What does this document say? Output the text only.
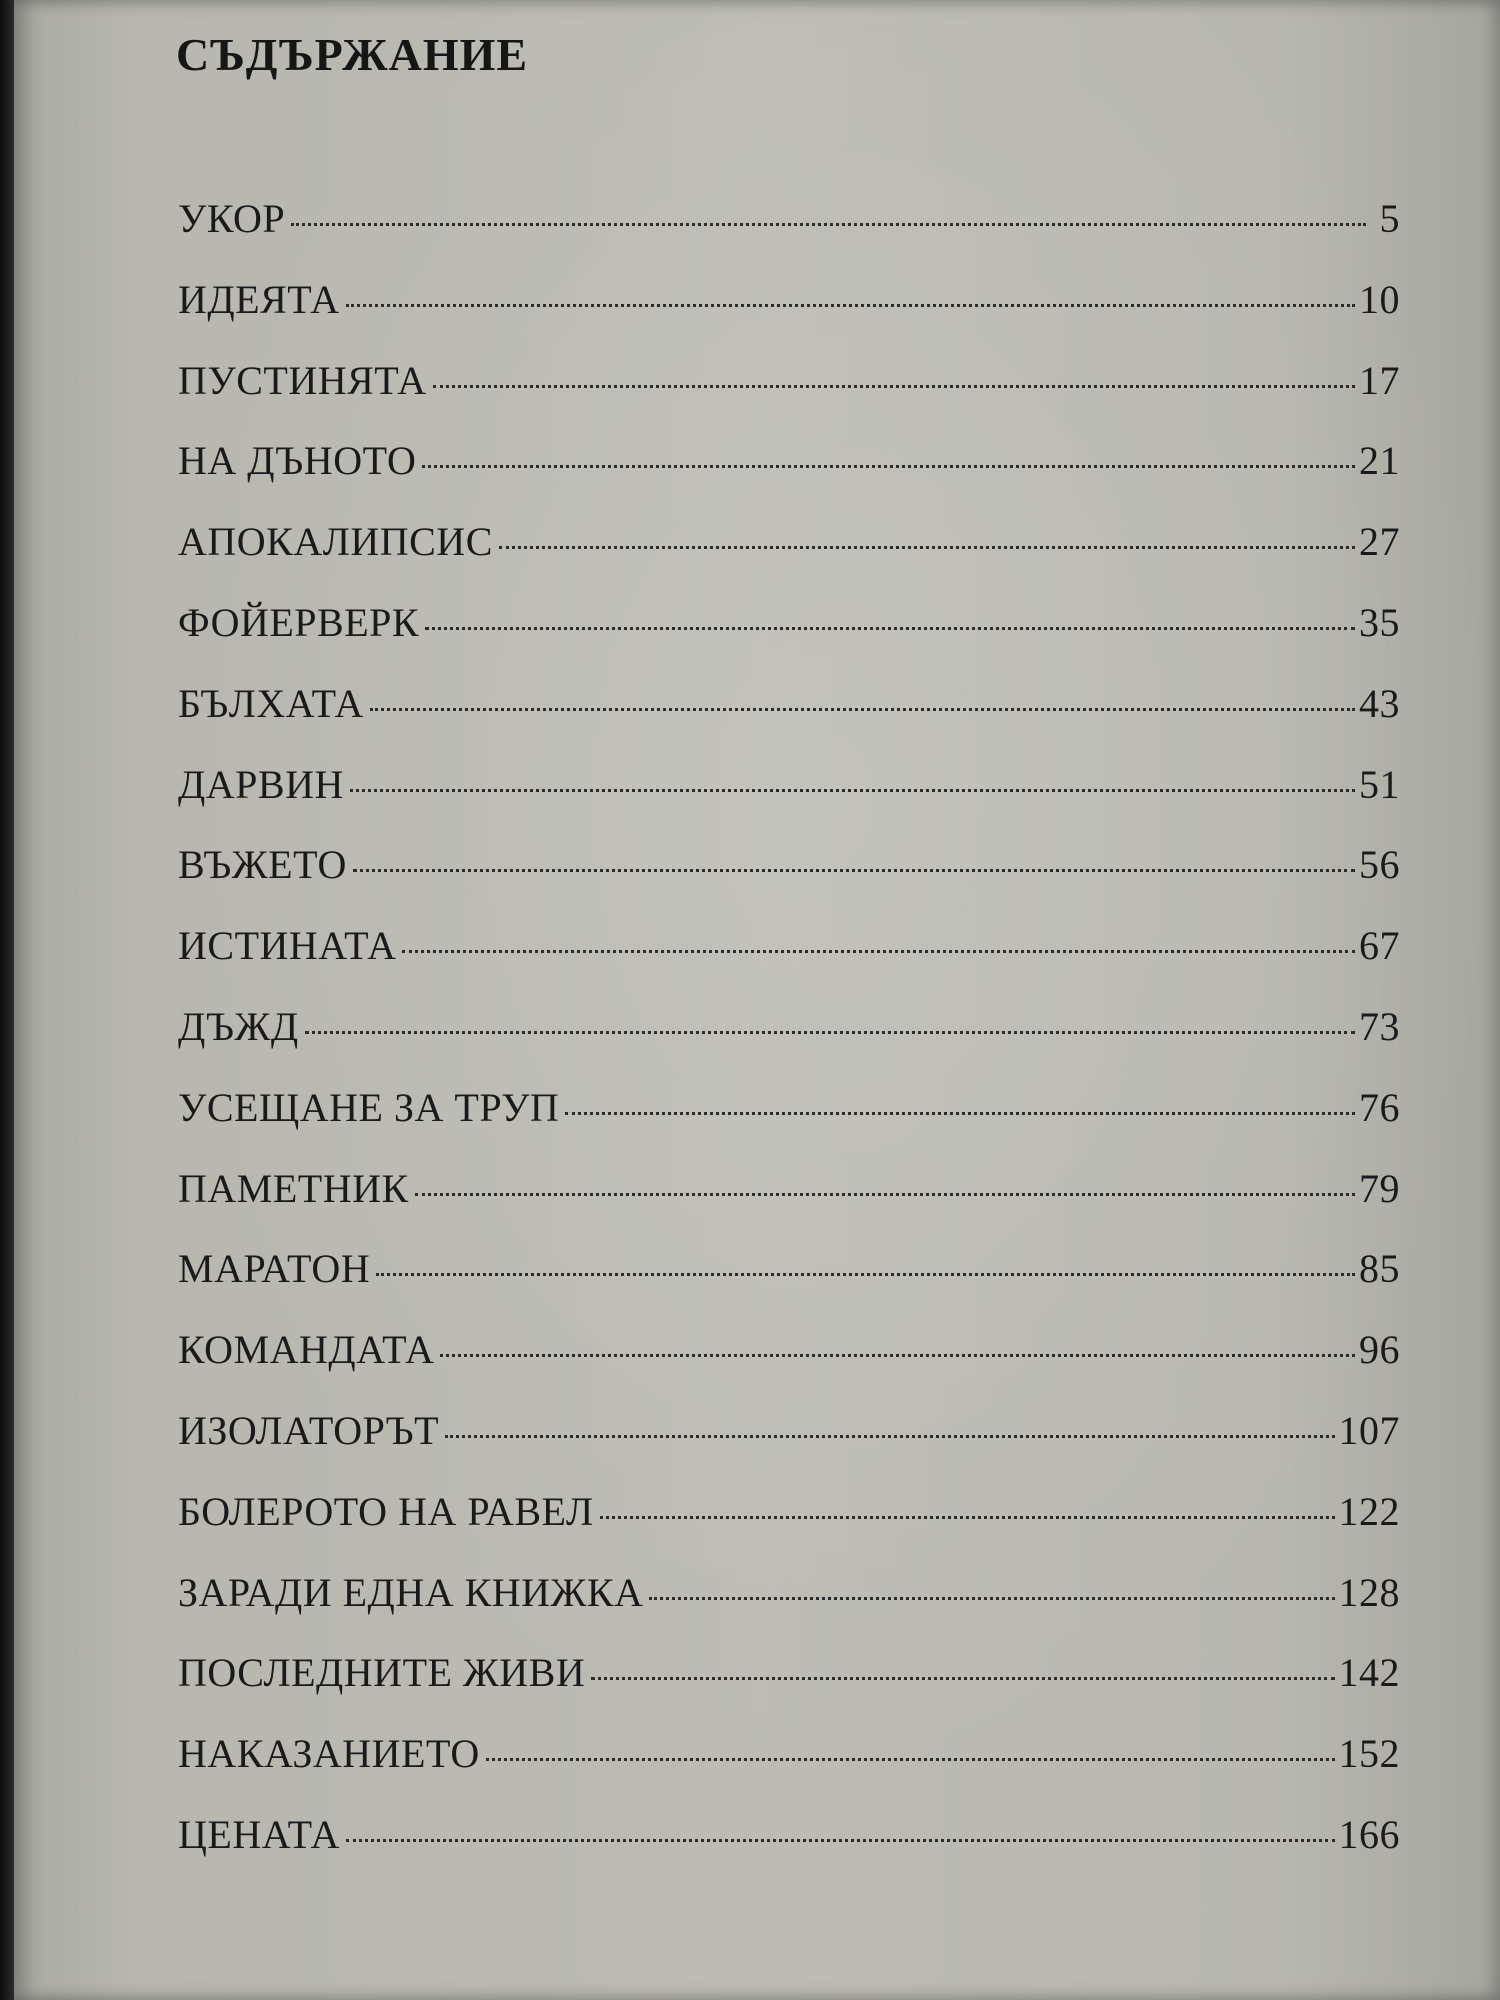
СЪДЪРЖАНИЕ
УКОР	5
ИДЕЯТА	10
ПУСТИНЯТА	17
НА ДЪНОТО	21
АПОКАЛИПСИС	27
ФОЙЕРВЕРК	35
БЪЛХАТА	43
ДАРВИН	51
ВЪЖЕТО	56
ИСТИНАТА	67
ДЪЖД	73
УСЕЩАНЕ ЗА ТРУП	76
ПАМЕТНИК	79
МАРАТОН	85
КОМАНДАТА	96
ИЗОЛАТОРЪТ	107
БОЛЕРОТО НА РАВЕЛ	122
ЗАРАДИ ЕДНА КНИЖКА	128
ПОСЛЕДНИТЕ ЖИВИ	142
НАКАЗАНИЕТО	152
ЦЕНАТА	166
